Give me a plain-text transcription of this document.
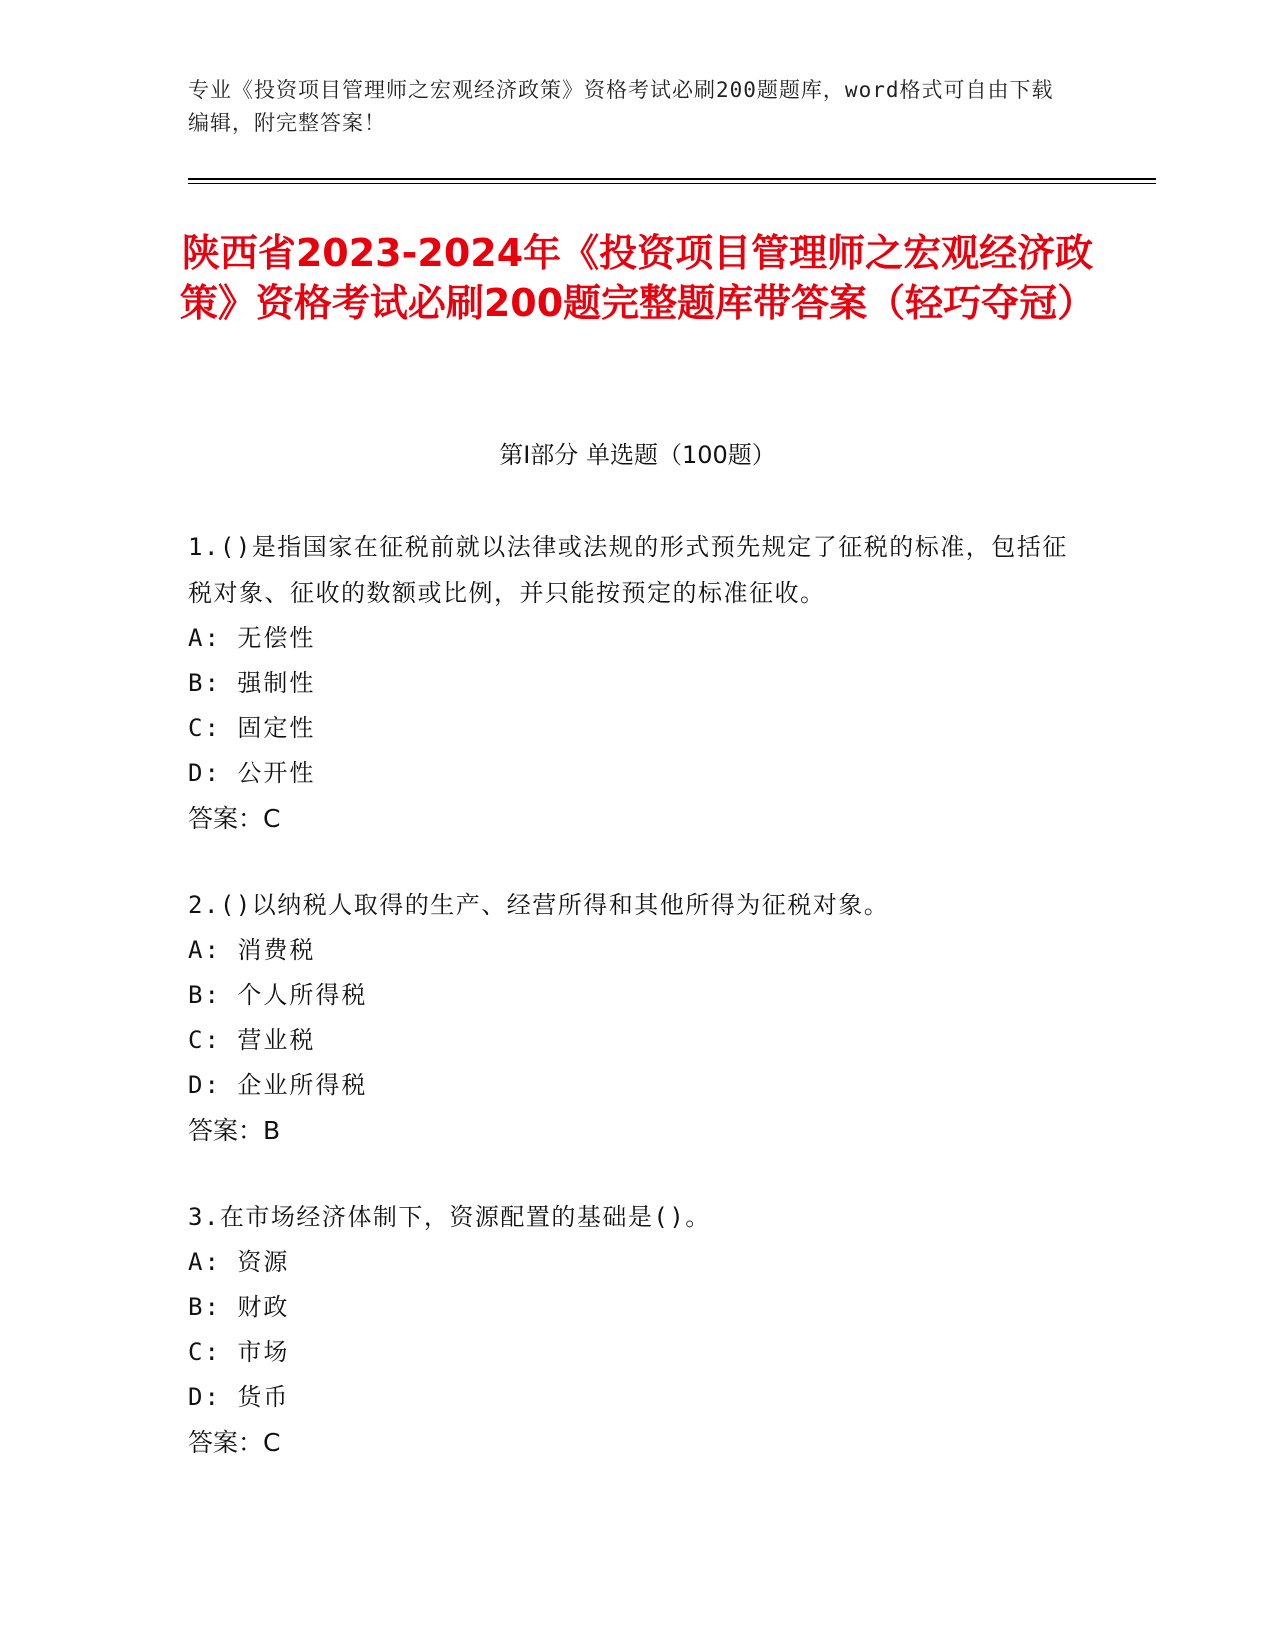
专业《投资项目管理师之宏观经济政策》资格考试必刷200题题库，word格式可自由下载编辑，附完整答案！
陕西省2023-2024年《投资项目管理师之宏观经济政策》资格考试必刷200题完整题库带答案（轻巧夺冠）
第I部分 单选题（100题）
1.()是指国家在征税前就以法律或法规的形式预先规定了征税的标准，包括征税对象、征收的数额或比例，并只能按预定的标准征收。
A: 无偿性
B: 强制性
C: 固定性
D: 公开性
答案：C
2.()以纳税人取得的生产、经营所得和其他所得为征税对象。
A: 消费税
B: 个人所得税
C: 营业税
D: 企业所得税
答案：B
3.在市场经济体制下，资源配置的基础是()。
A: 资源
B: 财政
C: 市场
D: 货币
答案：C
